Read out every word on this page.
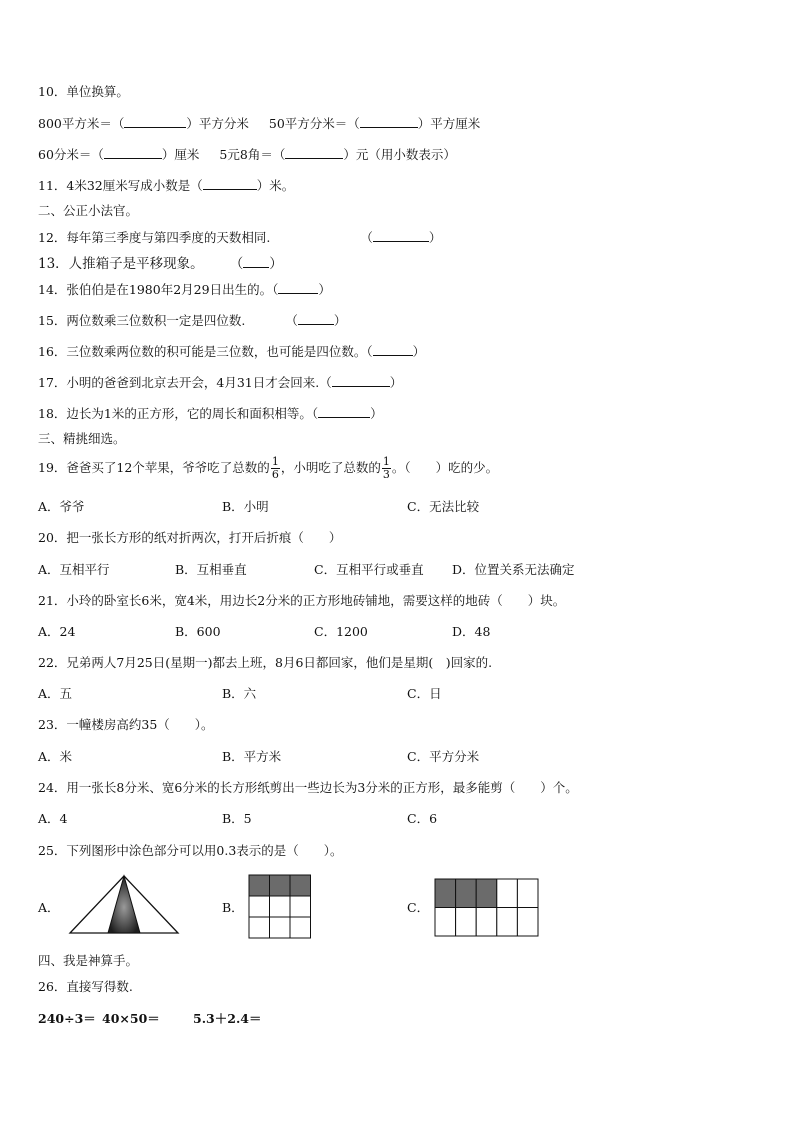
10．单位换算。
800平方米＝（	）平方分米 50平方分米＝（	）平方厘米
60分米＝（	）厘米 5元8角＝（	）元（用小数表示）
11．4米32厘米写成小数是（	）米。
二、公正小法官。
12．每年第三季度与第四季度的天数相同.	（	）
13．人推箱子是平移现象。 （ ）
14．张伯伯是在1980年2月29日出生的。（	）
15．两位数乘三位数积一定是四位数.	（	）
16．三位数乘两位数的积可能是三位数，也可能是四位数。（	）
17．小明的爸爸到北京去开会，4月31日才会回来.（	）
18．边长为1米的正方形，它的周长和面积相等。（	）
三、精挑细选。
19．爸爸买了12个苹果，爷爷吃了总数的 $\frac{1}{6}$ ，小明吃了总数的 $\frac{1}{3}$ 。（　　）吃的少。
A．爷爷	B．小明	C．无法比较
20．把一张长方形的纸对折两次，打开后折痕（　　）
A．互相平行	B．互相垂直	C．互相平行或垂直 D．位置关系无法确定
21．小玲的卧室长6米，宽4米，用边长2分米的正方形地砖铺地，需要这样的地砖（　　）块。
A．24	B．600	C．1200	D．48
22．兄弟两人7月25日(星期一)都去上班，8月6日都回家，他们是星期(　)回家的.
A．五	B．六	C．日
23．一幢楼房高约35（　　）。
A．米	B．平方米	C．平方分米
24．用一张长8分米、宽6分米的长方形纸剪出一些边长为3分米的正方形，最多能剪（　　）个。
A．4	B．5	C．6
25．下列图形中涂色部分可以用0.3表示的是（　　）。
A．	B．	C．
四、我是神算手。
26．直接写得数.
240÷3＝ 40×50＝	5.3＋2.4＝
